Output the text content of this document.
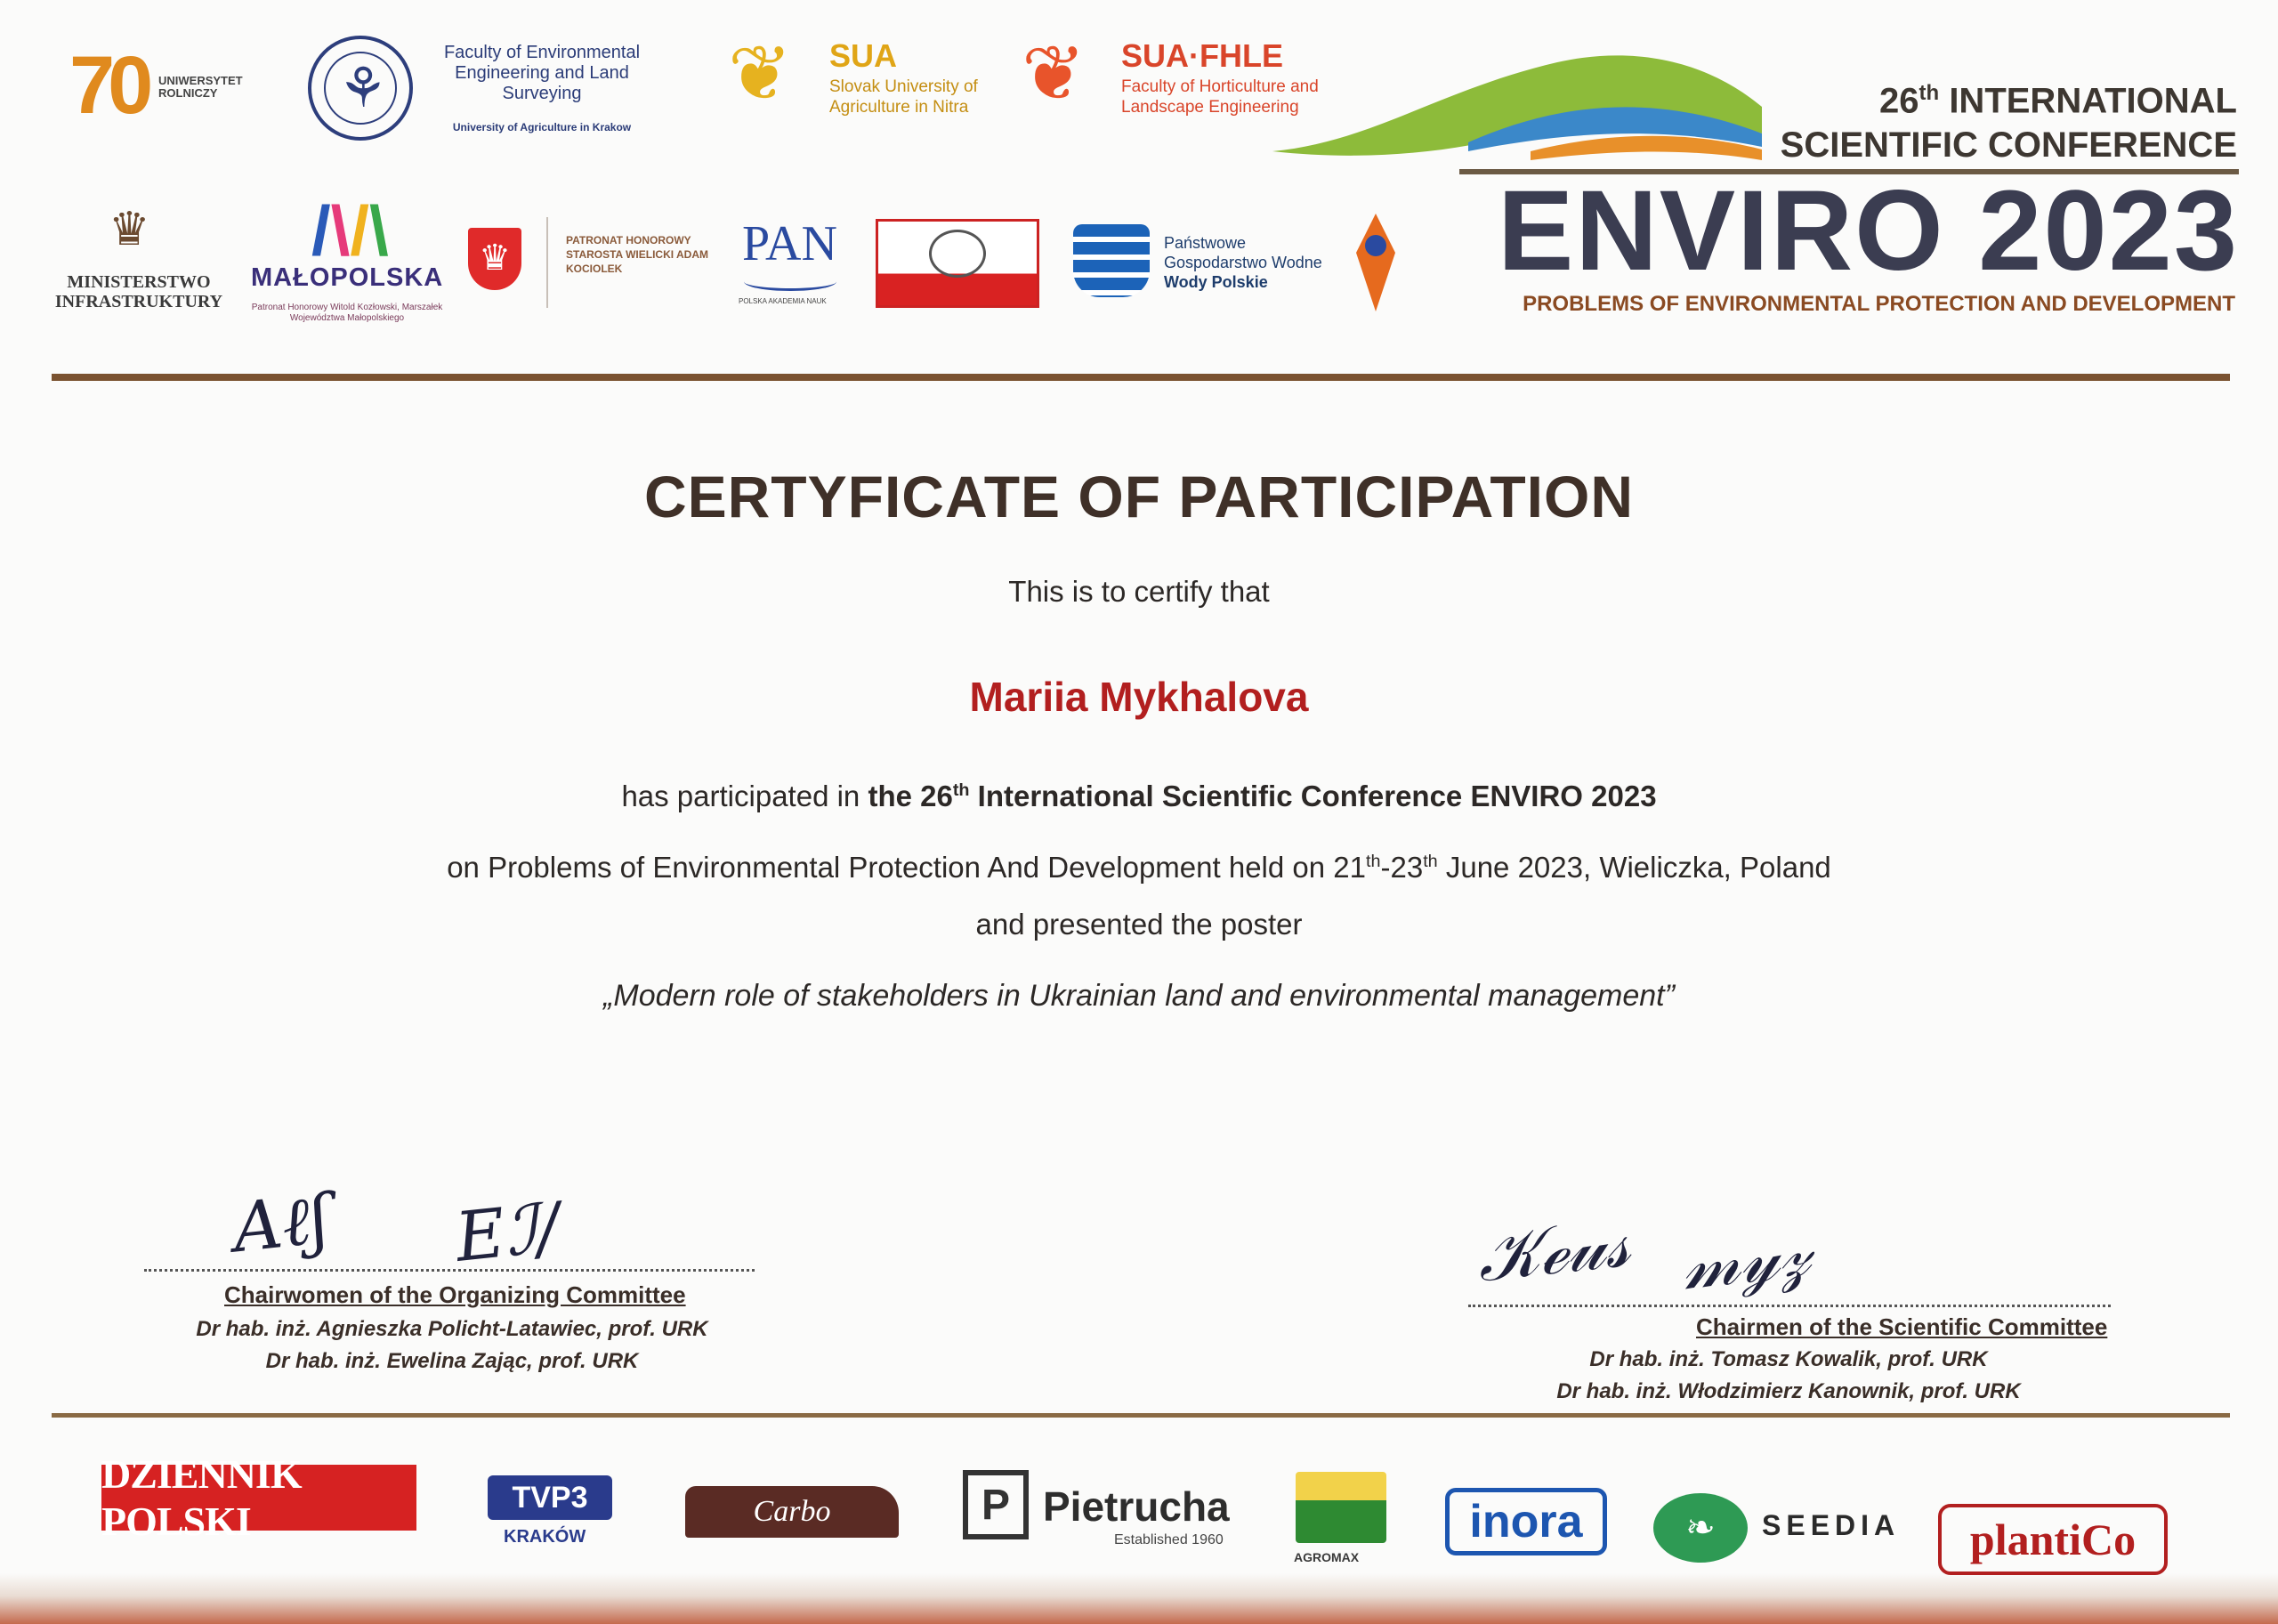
70 UNIWERSYTET ROLNICZY	⚘
Faculty of Environmental Engineering and Land Surveying
University of Agriculture in Krakow
❦ SUA
Slovak University of Agriculture in Nitra ❦ SUA·FHLE
Faculty of Horticulture and Landscape Engineering	26th INTERNATIONAL
SCIENTIFIC CONFERENCE
ENVIRO 2023
PROBLEMS OF ENVIRONMENTAL PROTECTION AND DEVELOPMENT
♛
MINISTERSTWO INFRASTRUKTURY
/\/\
MAŁOPOLSKA
Patronat Honorowy Witold Kozłowski, Marszałek Województwa Małopolskiego
♛	PATRONAT HONOROWY STAROSTA WIELICKI ADAM KOCIOLEK	PAN
POLSKA AKADEMIA NAUK
Państwowe
Gospodarstwo Wodne
Wody Polskie
CERTYFICATE OF PARTICIPATION
This is to certify that
Mariia Mykhalova
has participated in the 26th International Scientific Conference ENVIRO 2023
on Problems of Environmental Protection And Development held on 21th-23th June 2023, Wieliczka, Poland
and presented the poster
„Modern role of stakeholders in Ukrainian land and environmental management”
Aℓʃ Eℐ∕
Chairwomen of the Organizing Committee
Dr hab. inż. Agnieszka Policht-Latawiec, prof. URK
Dr hab. inż. Ewelina Zając, prof. URK
𝒦ℯ𝓊𝓈 𝓂𝓎𝓏
Chairmen of the Scientific Committee
Dr hab. inż. Tomasz Kowalik, prof. URK
Dr hab. inż. Włodzimierz Kanownik, prof. URK
DZIENNIK POLSKI
TVP3
KRAKÓW
Carbo	P Pietrucha
Established 1960
AGROMAX
inora	❧	SEEDIA	plantiCo
